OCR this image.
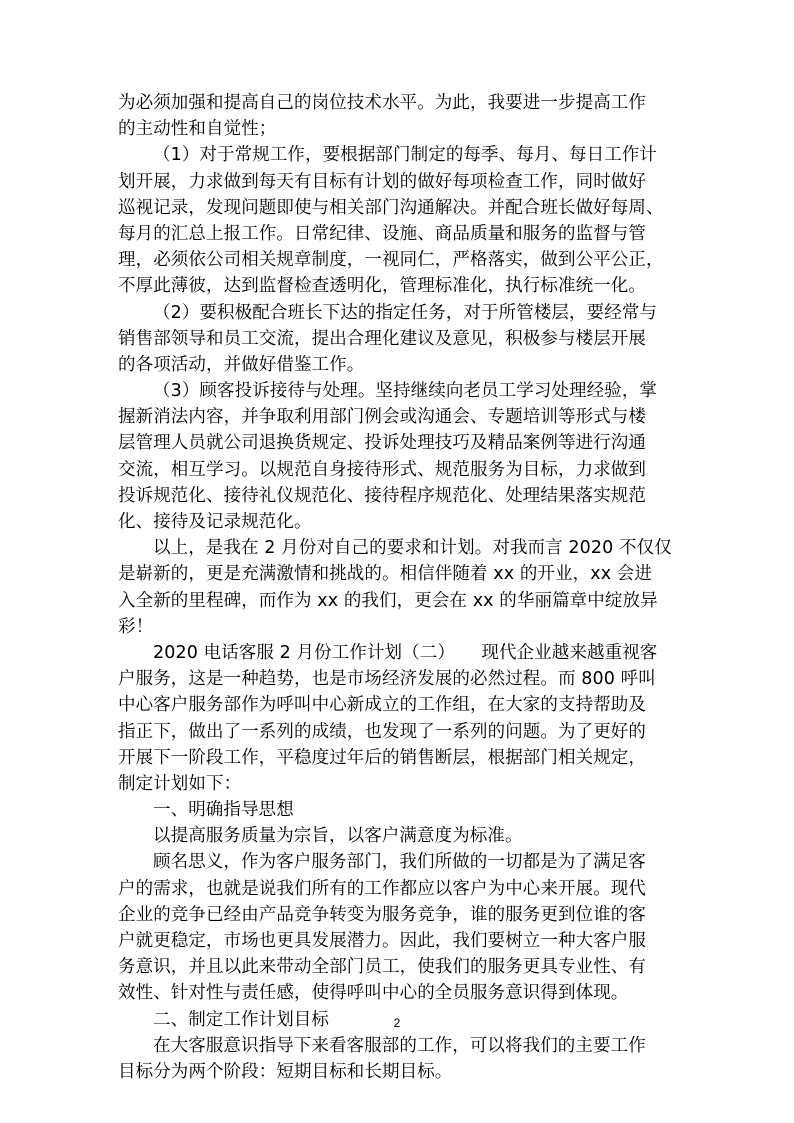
为必须加强和提高自己的岗位技术水平。为此，我要进一步提高工作
的主动性和自觉性；
（1）对于常规工作，要根据部门制定的每季、每月、每日工作计
划开展，力求做到每天有目标有计划的做好每项检查工作，同时做好
巡视记录，发现问题即使与相关部门沟通解决。并配合班长做好每周、
每月的汇总上报工作。日常纪律、设施、商品质量和服务的监督与管
理，必须依公司相关规章制度，一视同仁，严格落实，做到公平公正，
不厚此薄彼，达到监督检查透明化，管理标准化，执行标准统一化。
（2）要积极配合班长下达的指定任务，对于所管楼层，要经常与
销售部领导和员工交流，提出合理化建议及意见，积极参与楼层开展
的各项活动，并做好借鉴工作。
（3）顾客投诉接待与处理。坚持继续向老员工学习处理经验，掌
握新消法内容，并争取利用部门例会或沟通会、专题培训等形式与楼
层管理人员就公司退换货规定、投诉处理技巧及精品案例等进行沟通
交流，相互学习。以规范自身接待形式、规范服务为目标，力求做到
投诉规范化、接待礼仪规范化、接待程序规范化、处理结果落实规范
化、接待及记录规范化。
以上，是我在 2 月份对自己的要求和计划。对我而言 2020 不仅仅
是崭新的，更是充满激情和挑战的。相信伴随着 xx 的开业，xx 会进
入全新的里程碑，而作为 xx 的我们，更会在 xx 的华丽篇章中绽放异
彩！
2020 电话客服 2 月份工作计划（二）　　现代企业越来越重视客
户服务，这是一种趋势，也是市场经济发展的必然过程。而 800 呼叫
中心客户服务部作为呼叫中心新成立的工作组，在大家的支持帮助及
指正下，做出了一系列的成绩，也发现了一系列的问题。为了更好的
开展下一阶段工作，平稳度过年后的销售断层，根据部门相关规定，
制定计划如下：
一、明确指导思想
以提高服务质量为宗旨，以客户满意度为标准。
顾名思义，作为客户服务部门，我们所做的一切都是为了满足客
户的需求，也就是说我们所有的工作都应以客户为中心来开展。现代
企业的竞争已经由产品竞争转变为服务竞争，谁的服务更到位谁的客
户就更稳定，市场也更具发展潜力。因此，我们要树立一种大客户服
务意识，并且以此来带动全部门员工，使我们的服务更具专业性、有
效性、针对性与责任感，使得呼叫中心的全员服务意识得到体现。
二、制定工作计划目标
在大客服意识指导下来看客服部的工作，可以将我们的主要工作
目标分为两个阶段：短期目标和长期目标。
2
